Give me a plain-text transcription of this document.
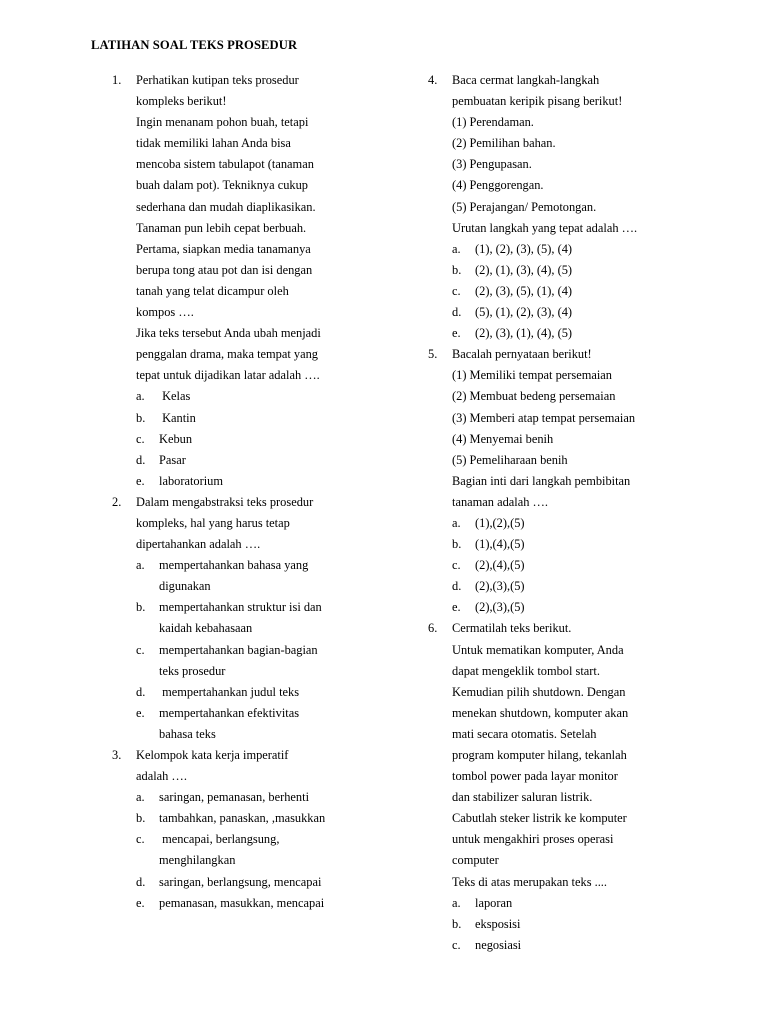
LATIHAN SOAL TEKS PROSEDUR
1.	Perhatikan kutipan teks prosedur
kompleks berikut!
Ingin menanam pohon buah, tetapi
tidak memiliki lahan Anda bisa
mencoba sistem tabulapot (tanaman
buah dalam pot). Tekniknya cukup
sederhana dan mudah diaplikasikan.
Tanaman pun lebih cepat berbuah.
Pertama, siapkan media tanamanya
berupa tong atau pot dan isi dengan
tanah yang telat dicampur oleh
kompos ….
Jika teks tersebut Anda ubah menjadi
penggalan drama, maka tempat yang
tepat untuk dijadikan latar adalah ….
a. Kelas
b. Kantin
c. Kebun
d. Pasar
e. laboratorium
2.	Dalam mengabstraksi teks prosedur
kompleks, hal yang harus tetap
dipertahankan adalah ….
a. mempertahankan bahasa yang
digunakan
b. mempertahankan struktur isi dan
kaidah kebahasaan
c. mempertahankan bagian-bagian
teks prosedur
d. mempertahankan judul teks
e. mempertahankan efektivitas
bahasa teks
3.	Kelompok kata kerja imperatif
adalah ….
a. saringan, pemanasan, berhenti
b. tambahkan, panaskan, ,masukkan
c. mencapai, berlangsung,
menghilangkan
d. saringan, berlangsung, mencapai
e. pemanasan, masukkan, mencapai
4.	Baca cermat langkah-langkah
pembuatan keripik pisang berikut!
(1) Perendaman.
(2) Pemilihan bahan.
(3) Pengupasan.
(4) Penggorengan.
(5) Perajangan/ Pemotongan.
Urutan langkah yang tepat adalah ….
a. (1), (2), (3), (5), (4)
b. (2), (1), (3), (4), (5)
c. (2), (3), (5), (1), (4)
d. (5), (1), (2), (3), (4)
e. (2), (3), (1), (4), (5)
5.	Bacalah pernyataan berikut!
(1) Memiliki tempat persemaian
(2) Membuat bedeng persemaian
(3) Memberi atap tempat persemaian
(4) Menyemai benih
(5) Pemeliharaan benih
Bagian inti dari langkah pembibitan
tanaman adalah ….
a. (1),(2),(5)
b. (1),(4),(5)
c. (2),(4),(5)
d. (2),(3),(5)
e. (2),(3),(5)
6.	Cermatilah teks berikut.
Untuk mematikan komputer, Anda
dapat mengeklik tombol start.
Kemudian pilih shutdown. Dengan
menekan shutdown, komputer akan
mati secara otomatis. Setelah
program komputer hilang, tekanlah
tombol power pada layar monitor
dan stabilizer saluran listrik.
Cabutlah steker listrik ke komputer
untuk mengakhiri proses operasi
computer
Teks di atas merupakan teks ....
a. laporan
b. eksposisi
c. negosiasi
